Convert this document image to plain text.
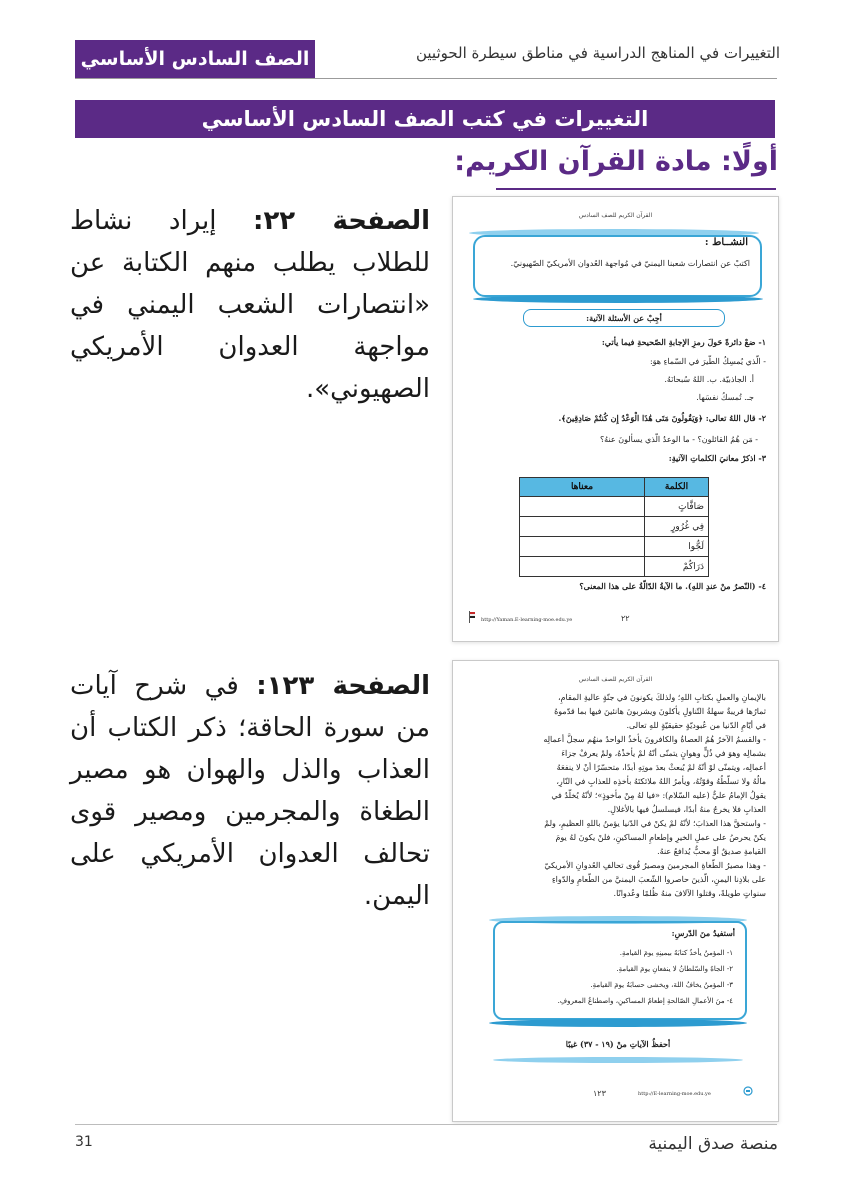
التغييرات في المناهج الدراسية في مناطق سيطرة الحوثيين
الصف السادس الأساسي
التغييرات في كتب الصف السادس الأساسي
أولًا: مادة القرآن الكريم:
الصفحة ٢٢: إيراد نشاط للطلاب يطلب منهم الكتابة عن «انتصارات الشعب اليمني في مواجهة العدوان الأمريكي الصهيوني».
الصفحة ١٢٣: في شرح آيات من سورة الحاقة؛ ذكر الكتاب أن العذاب والذل والهوان هو مصير الطغاة والمجرمين ومصير قوى تحالف العدوان الأمريكي على اليمن.
القرآن الكريم للصف السادس
النشــاط :
اكتبْ عن انتصارات شعبنا اليمنيّ في مُواجهة العُدوان الأمريكيّ الصّهيونيّ.
أجِبْ عن الأسئلة الآتية:
١- ضعْ دائرةً حَولَ رمزِ الإجابةِ الصّحيحةِ فيما يأتي:
- الّذي يُمسِكُ الطّيرَ في السّماءِ هوَ:
أ. الجاذبيّة. ب. اللهُ سُبحانَهُ.
جـ. تُمسكُ نفسَها.
٢- قال اللهُ تعالى: ﴿وَيَقُولُونَ مَتَى هَٰذَا الْوَعْدُ إِن كُنتُمْ صَادِقِينَ﴾.
- مَن هُمُ القائلون؟ - ما الوعدُ الّذي يسألونَ عنهُ؟
٣- اذكرْ معانيَ الكلماتِ الآتيةِ:
الكلمة	معناها
صَافَّاتٍ	
فِي غُرُورٍ	
لَجُّوا	
دَرَاكُمْ	
٤- (النّصرُ منْ عندِ اللهِ). ما الآيةُ الدّالّةُ على هذا المعنى؟
http://Yaman.E-learning-moe.edu.ye	٢٢
القرآن الكريم للصف السادس
بالإيمانِ والعملِ بكتابِ اللهِ؛ ولذلكَ يكونونَ في جنّةٍ عاليةِ المقامِ،
ثمارُها قريبةٌ سهلةُ التّناولِ يأكلونَ ويشربونَ هانئينَ فيها بما قدّموهُ
في أيّامِ الدّنيا من عُبوديّةٍ حقيقيّةٍ للهِ تعالى.
- والقسمُ الآخرُ هُمُ العصاةُ والكافرونَ يأخذُ الواحدُ منهُم سجلَّ أعمالِه
بشمالِه وهوَ في ذُلٍّ وهوانٍ يتمنّى أنّهُ لمْ يأخذْهُ، ولمْ يعرفْ جزاءَ
أعمالِه، ويتمنّى لوْ أنّهُ لمْ يُبعثْ بعدَ موتِهِ أبدًا، متحسّرًا أنْ لا ينفعَهُ
مالُهُ ولا تسلّطُهُ وقوّتُهُ، ويأمرُ اللهُ ملائكتَهُ بأخذِه للعذابِ في النّارِ،
يقولُ الإمامُ عليٌّ (عليه السّلام): «فيا لهُ مِنْ مأخوذٍ»؛ لأنّهُ يُخلّدُ في
العذابِ فلا يخرجُ منهُ أبدًا، فيسلسلُ فيها بالأغلالِ.
- واستحقَّ هذا العذابَ؛ لأنّهُ لمْ يكنْ في الدّنيا يؤمنُ باللهِ العظيمِ، ولمْ
يكنْ يحرصُ على عملِ الخيرِ وإطعامِ المساكينِ، فلنْ يكونَ لهُ يومَ
القيامةِ صديقٌ أوْ محبٌّ يُدافعُ عنهُ.
- وهذا مصيرُ الطّغاةِ المجرمينَ ومصيرُ قُوى تحالفِ العُدوانِ الأمريكيّ
على بلادِنا اليمنِ، الّذينَ حاصروا الشّعبَ اليمنيَّ من الطّعامِ والدّواءِ
سنواتٍ طويلةً، وقتلوا الآلافَ منهُ ظُلمًا وعُدوانًا.
أستفيدُ منَ الدّرسِ:
١- المؤمنُ يأخذُ كتابَهُ بيمينِهِ يومَ القيامةِ.
٢- الجاهُ والسّلطانُ لا ينفعانِ يومَ القيامةِ.
٣- المؤمنُ يخافُ اللهَ، ويخشى حسابَهُ يومَ القيامةِ.
٤- منَ الأعمالِ الصّالحةِ إطعامُ المساكينِ، واصطناعُ المعروفِ.
أحفظُ الآياتِ منْ (١٩ - ٣٧) غيبًا
http://E-learning-moe.edu.ye
١٢٣
31	منصة صدق اليمنية
